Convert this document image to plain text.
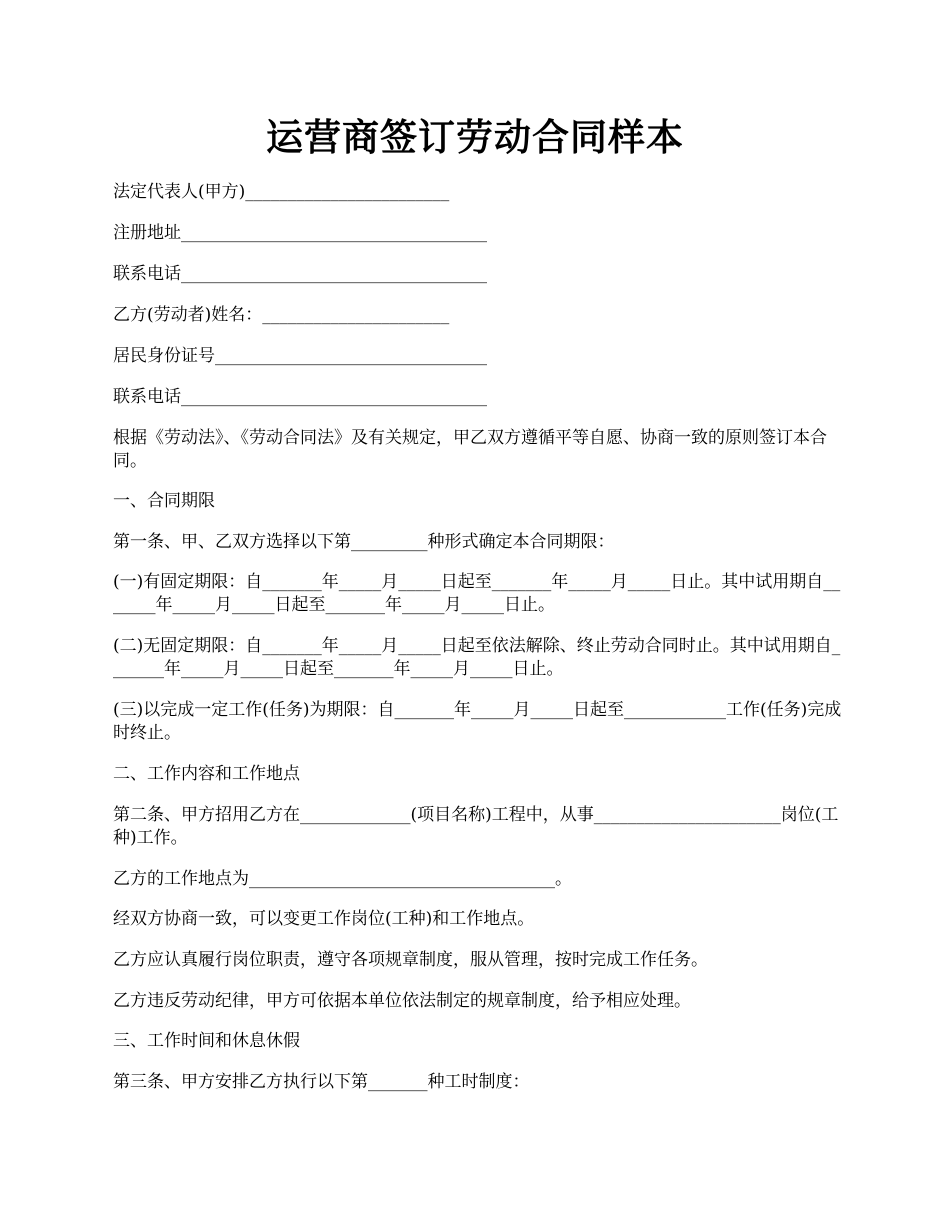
运营商签订劳动合同样本

法定代表人(甲方)________________________

注册地址____________________________________

联系电话____________________________________

乙方(劳动者)姓名：______________________

居民身份证号________________________________

联系电话____________________________________

根据《劳动法》、《劳动合同法》及有关规定，甲乙双方遵循平等自愿、协商一致的原则签订本合同。

一、合同期限

第一条、甲、乙双方选择以下第_________种形式确定本合同期限：

(一)有固定期限：自_______年_____月_____日起至_______年_____月_____日止。其中试用期自_______年_____月_____日起至_______年_____月_____日止。

(二)无固定期限：自_______年_____月_____日起至依法解除、终止劳动合同时止。其中试用期自_______年_____月_____日起至_______年_____月_____日止。

(三)以完成一定工作(任务)为期限：自_______年_____月_____日起至____________工作(任务)完成时终止。

二、工作内容和工作地点

第二条、甲方招用乙方在_____________(项目名称)工程中，从事______________________岗位(工种)工作。

乙方的工作地点为____________________________________。

经双方协商一致，可以变更工作岗位(工种)和工作地点。

乙方应认真履行岗位职责，遵守各项规章制度，服从管理，按时完成工作任务。

乙方违反劳动纪律，甲方可依据本单位依法制定的规章制度，给予相应处理。

三、工作时间和休息休假

第三条、甲方安排乙方执行以下第_______种工时制度：
